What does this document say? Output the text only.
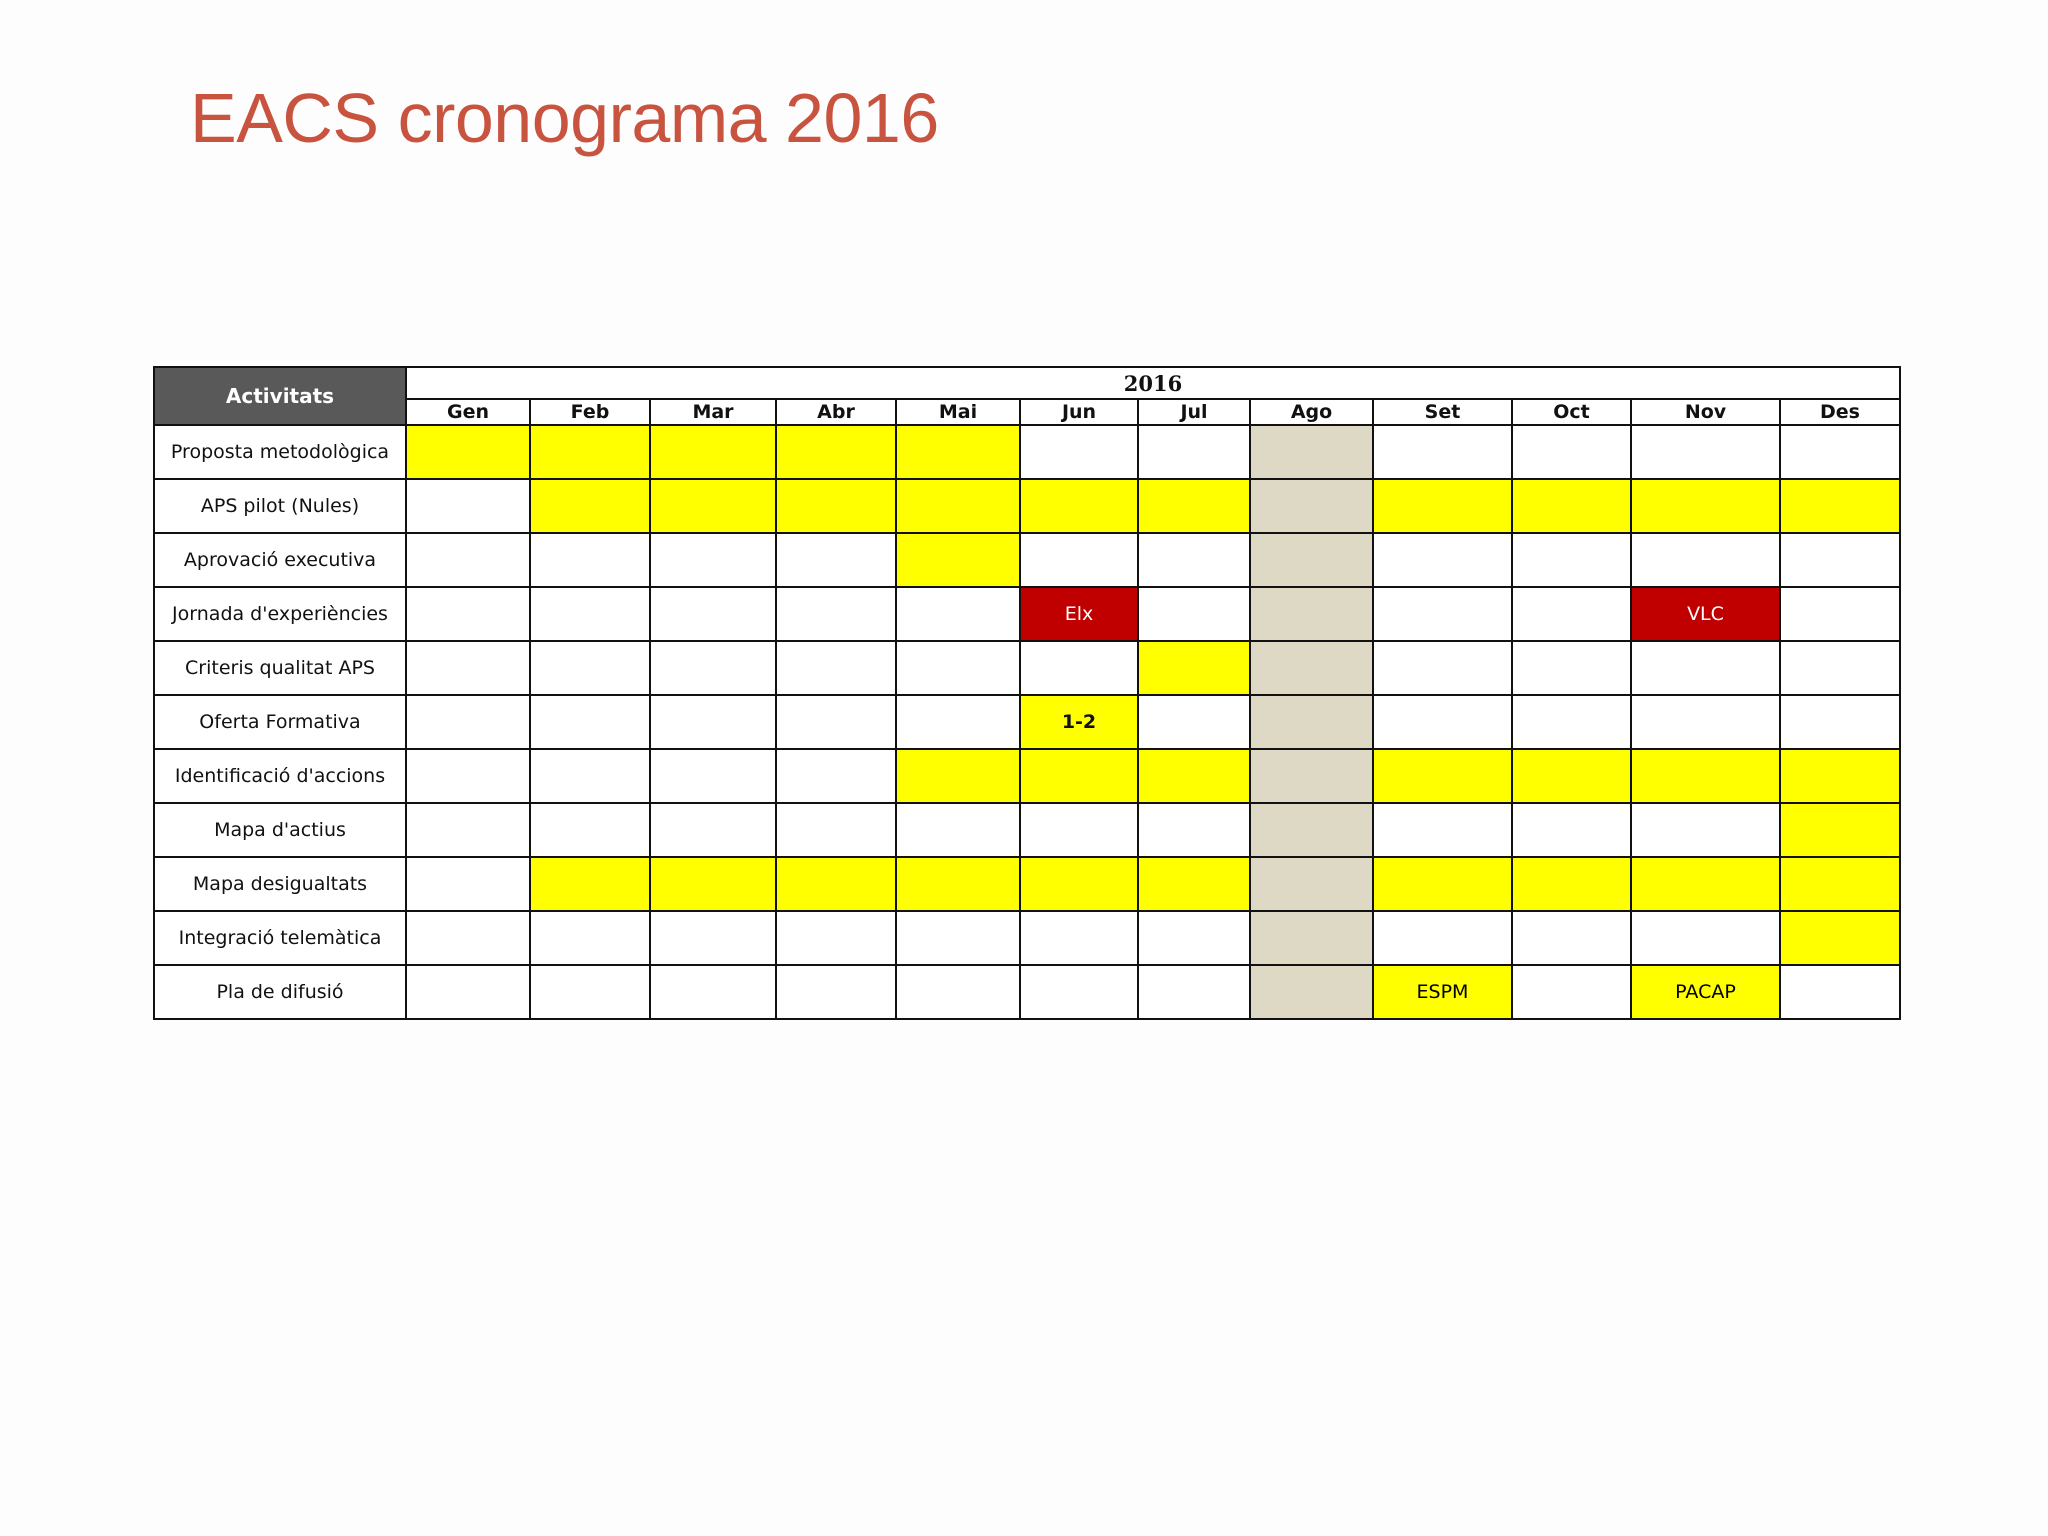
EACS cronograma 2016
Activitats	2016											
	Gen	Feb	Mar	Abr	Mai	Jun	Jul	Ago	Set	Oct	Nov	Des
Proposta metodològica												
APS pilot (Nules)												
Aprovació executiva												
Jornada d'experiències						Elx					VLC	
Criteris qualitat APS												
Oferta Formativa						1-2						
Identificació d'accions												
Mapa d'actius												
Mapa desigualtats												
Integració telemàtica												
Pla de difusió									ESPM		PACAP	
